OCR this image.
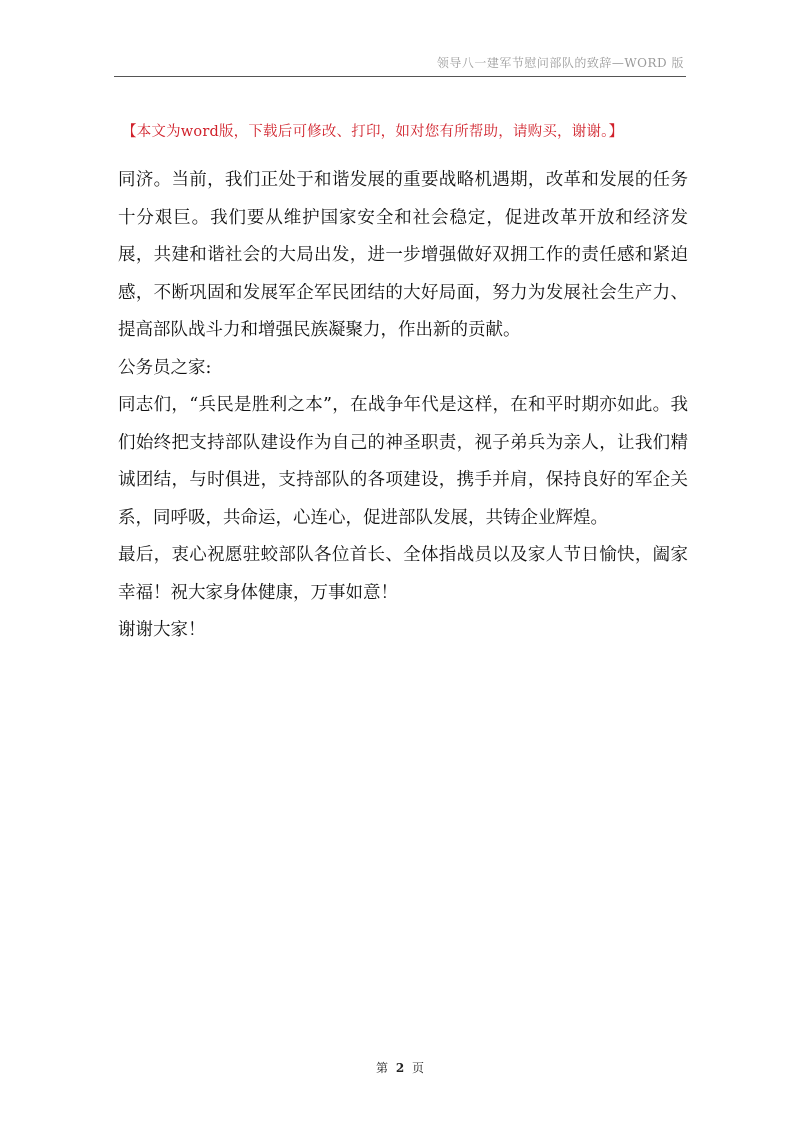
领导八一建军节慰问部队的致辞—WORD 版
【本文为word版，下载后可修改、打印，如对您有所帮助，请购买，谢谢。】

同济。当前，我们正处于和谐发展的重要战略机遇期，改革和发展的任务十分艰巨。我们要从维护国家安全和社会稳定，促进改革开放和经济发展，共建和谐社会的大局出发，进一步增强做好双拥工作的责任感和紧迫感，不断巩固和发展军企军民团结的大好局面，努力为发展社会生产力、提高部队战斗力和增强民族凝聚力，作出新的贡献。

公务员之家:

同志们，“兵民是胜利之本”，在战争年代是这样，在和平时期亦如此。我们始终把支持部队建设作为自己的神圣职责，视子弟兵为亲人，让我们精诚团结，与时俱进，支持部队的各项建设，携手并肩，保持良好的军企关系，同呼吸，共命运，心连心，促进部队发展，共铸企业辉煌。

最后，衷心祝愿驻蛟部队各位首长、全体指战员以及家人节日愉快，阖家幸福！祝大家身体健康，万事如意！

谢谢大家！

第 2 页
